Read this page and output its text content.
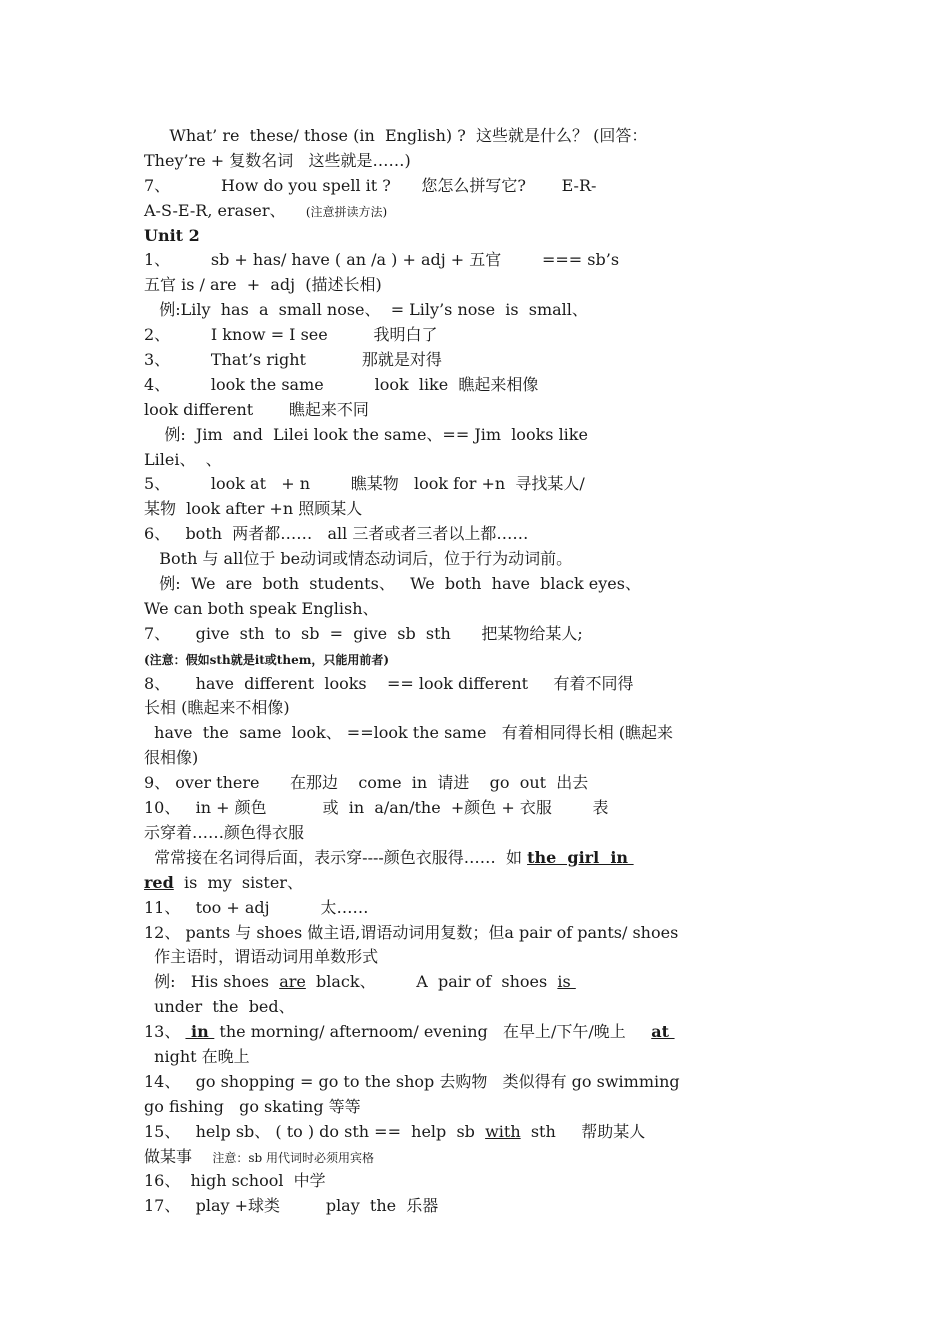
What’ re  these/ those (in  English) ?  这些就是什么？ (回答：
They’re + 复数名词   这些就是……)
7、          How do you spell it ?      您怎么拼写它?       E-R-
A-S-E-R, eraser、    (注意拼读方法)
Unit 2
1、        sb + has/ have ( an /a ) + adj + 五官        === sb’s
五官 is / are  +  adj  (描述长相)
例:Lily  has  a  small nose、  = Lily’s nose  is  small、
2、        I know = I see         我明白了
3、        That’s right           那就是对得
4、        look the same          look  like  瞧起来相像
look different       瞧起来不同
例:  Jim  and  Lilei look the same、== Jim  looks like
Lilei、  、
5、        look at   + n        瞧某物   look for +n  寻找某人/
某物  look after +n 照顾某人
6、   both  两者都……   all 三者或者三者以上都……
Both 与 all位于 be动词或情态动词后，位于行为动词前。
例:  We  are  both  students、   We  both  have  black eyes、
We can both speak English、
7、     give  sth  to  sb  =  give  sb  sth      把某物给某人;
(注意：假如sth就是it或them，只能用前者)
8、     have  different  looks    == look different     有着不同得
长相 (瞧起来不相像)
have  the  same  look、 ==look the same   有着相同得长相 (瞧起来
很相像)
9、 over there      在那边    come  in  请进    go  out  出去
10、   in + 颜色           或  in  a/an/the  +颜色 + 衣服        表
示穿着……颜色得衣服
常常接在名词得后面，表示穿----颜色衣服得……  如 the  girl  in
red  is  my  sister、
11、   too + adj          太……
12、 pants 与 shoes 做主语,谓语动词用复数；但a pair of pants/ shoes
作主语时，谓语动词用单数形式
例:   His shoes  are  black、        A  pair of  shoes  is
under  the  bed、
13、  in  the morning/ afternoom/ evening   在早上/下午/晚上     at
night 在晚上
14、   go shopping = go to the shop 去购物   类似得有 go swimming
go fishing   go skating 等等
15、   help sb、 ( to ) do sth ==  help  sb  with  sth     帮助某人
做某事    注意：sb 用代词时必须用宾格
16、  high school  中学
17、   play +球类         play  the  乐器
